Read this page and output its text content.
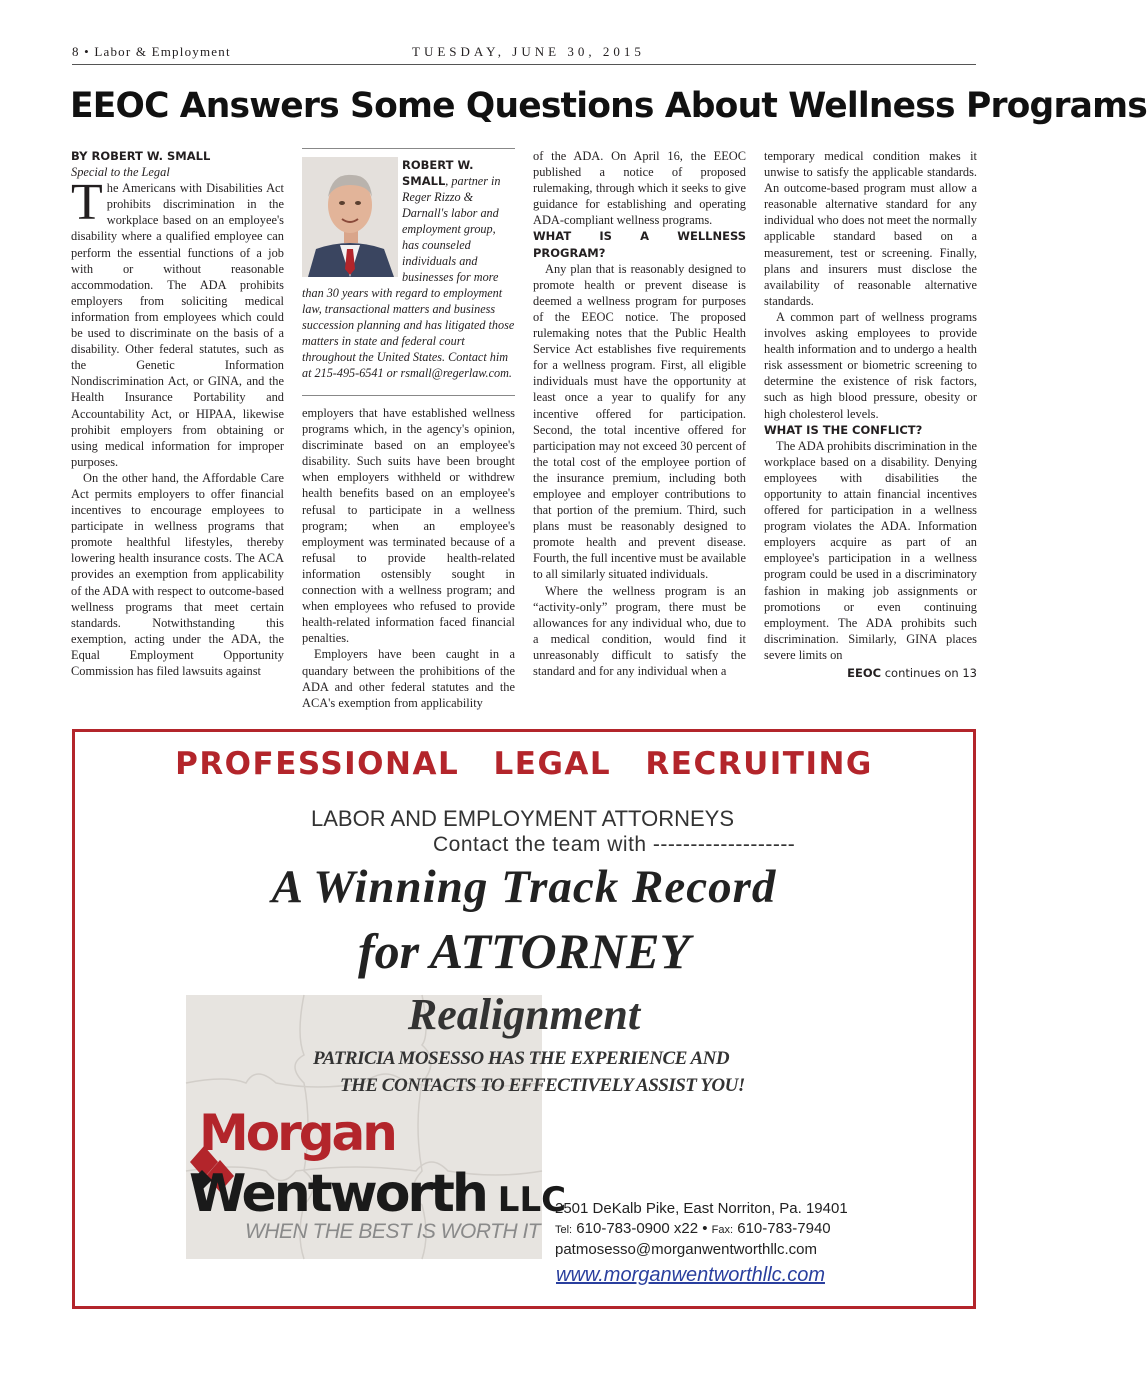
8 • Labor & Employment	TUESDAY, JUNE 30, 2015
EEOC Answers Some Questions About Wellness Programs

BY ROBERT W. SMALL

Special to the Legal

The Americans with Disabilities Act prohibits discrimination in the workplace based on an employee's disability where a qualified employee can perform the essential functions of a job with or without reasonable accommodation. The ADA prohibits employers from soliciting medical information from employees which could be used to discriminate on the basis of a disability. Other federal statutes, such as the Genetic Information Nondiscrimination Act, or GINA, and the Health Insurance Portability and Accountability Act, or HIPAA, likewise prohibit employers from obtaining or using medical information for improper purposes.

On the other hand, the Affordable Care Act permits employers to offer financial incentives to encourage employees to participate in wellness programs that promote healthful lifestyles, thereby lowering health insurance costs. The ACA provides an exemption from applicability of the ADA with respect to outcome-based wellness programs that meet certain standards. Notwithstanding this exemption, acting under the ADA, the Equal Employment Opportunity Commission has filed lawsuits against

ROBERT W. SMALL, partner in Reger Rizzo & Darnall's labor and employment group, has counseled individuals and businesses for more than 30 years with regard to employment law, transactional matters and business succession planning and has litigated those matters in state and federal court throughout the United States. Contact him at 215-495-6541 or rsmall@regerlaw.com.

employers that have established wellness programs which, in the agency's opinion, discriminate based on an employee's disability. Such suits have been brought when employers withheld or withdrew health benefits based on an employee's refusal to participate in a wellness program; when an employee's employment was terminated because of a refusal to provide health-related information ostensibly sought in connection with a wellness program; and when employees who refused to provide health-related information faced financial penalties.

Employers have been caught in a quandary between the prohibitions of the ADA and other federal statutes and the ACA's exemption from applicability

of the ADA. On April 16, the EEOC published a notice of proposed rulemaking, through which it seeks to give guidance for establishing and operating ADA-compliant wellness programs.

WHAT IS A WELLNESS PROGRAM?

Any plan that is reasonably designed to promote health or prevent disease is deemed a wellness program for purposes of the EEOC notice. The proposed rulemaking notes that the Public Health Service Act establishes five requirements for a wellness program. First, all eligible individuals must have the opportunity at least once a year to qualify for any incentive offered for participation. Second, the total incentive offered for participation may not exceed 30 percent of the total cost of the employee portion of the insurance premium, including both employee and employer contributions to that portion of the premium. Third, such plans must be reasonably designed to promote health and prevent disease. Fourth, the full incentive must be available to all similarly situated individuals.

Where the wellness program is an “activity-only” program, there must be allowances for any individual who, due to a medical condition, would find it unreasonably difficult to satisfy the standard and for any individual when a

temporary medical condition makes it unwise to satisfy the applicable standards. An outcome-based program must allow a reasonable alternative standard for any individual who does not meet the normally applicable standard based on a measurement, test or screening. Finally, plans and insurers must disclose the availability of reasonable alternative standards.

A common part of wellness programs involves asking employees to provide health information and to undergo a health risk assessment or biometric screening to determine the existence of risk factors, such as high blood pressure, obesity or high cholesterol levels.

WHAT IS THE CONFLICT?

The ADA prohibits discrimination in the workplace based on a disability. Denying employees with disabilities the opportunity to attain financial incentives offered for participation in a wellness program violates the ADA. Information employers acquire as part of an employee's participation in a wellness program could be used in a discriminatory fashion in making job assignments or promotions or even continuing employment. The ADA prohibits such discrimination. Similarly, GINA places severe limits on

EEOC continues on 13
PROFESSIONAL LEGAL RECRUITING
LABOR AND EMPLOYMENT ATTORNEYS
Contact the team with -------------------
A Winning Track Record
for ATTORNEY
Realignment
PATRICIA MOSESSO HAS THE EXPERIENCE AND
THE CONTACTS TO EFFECTIVELY ASSIST YOU!
Morgan
Wentworth LLC
WHEN THE BEST IS WORTH IT
2501 DeKalb Pike, East Norriton, Pa. 19401
Tel: 610-783-0900 x22 • Fax: 610-783-7940
patmosesso@morganwentworthllc.com
www.morganwentworthllc.com
